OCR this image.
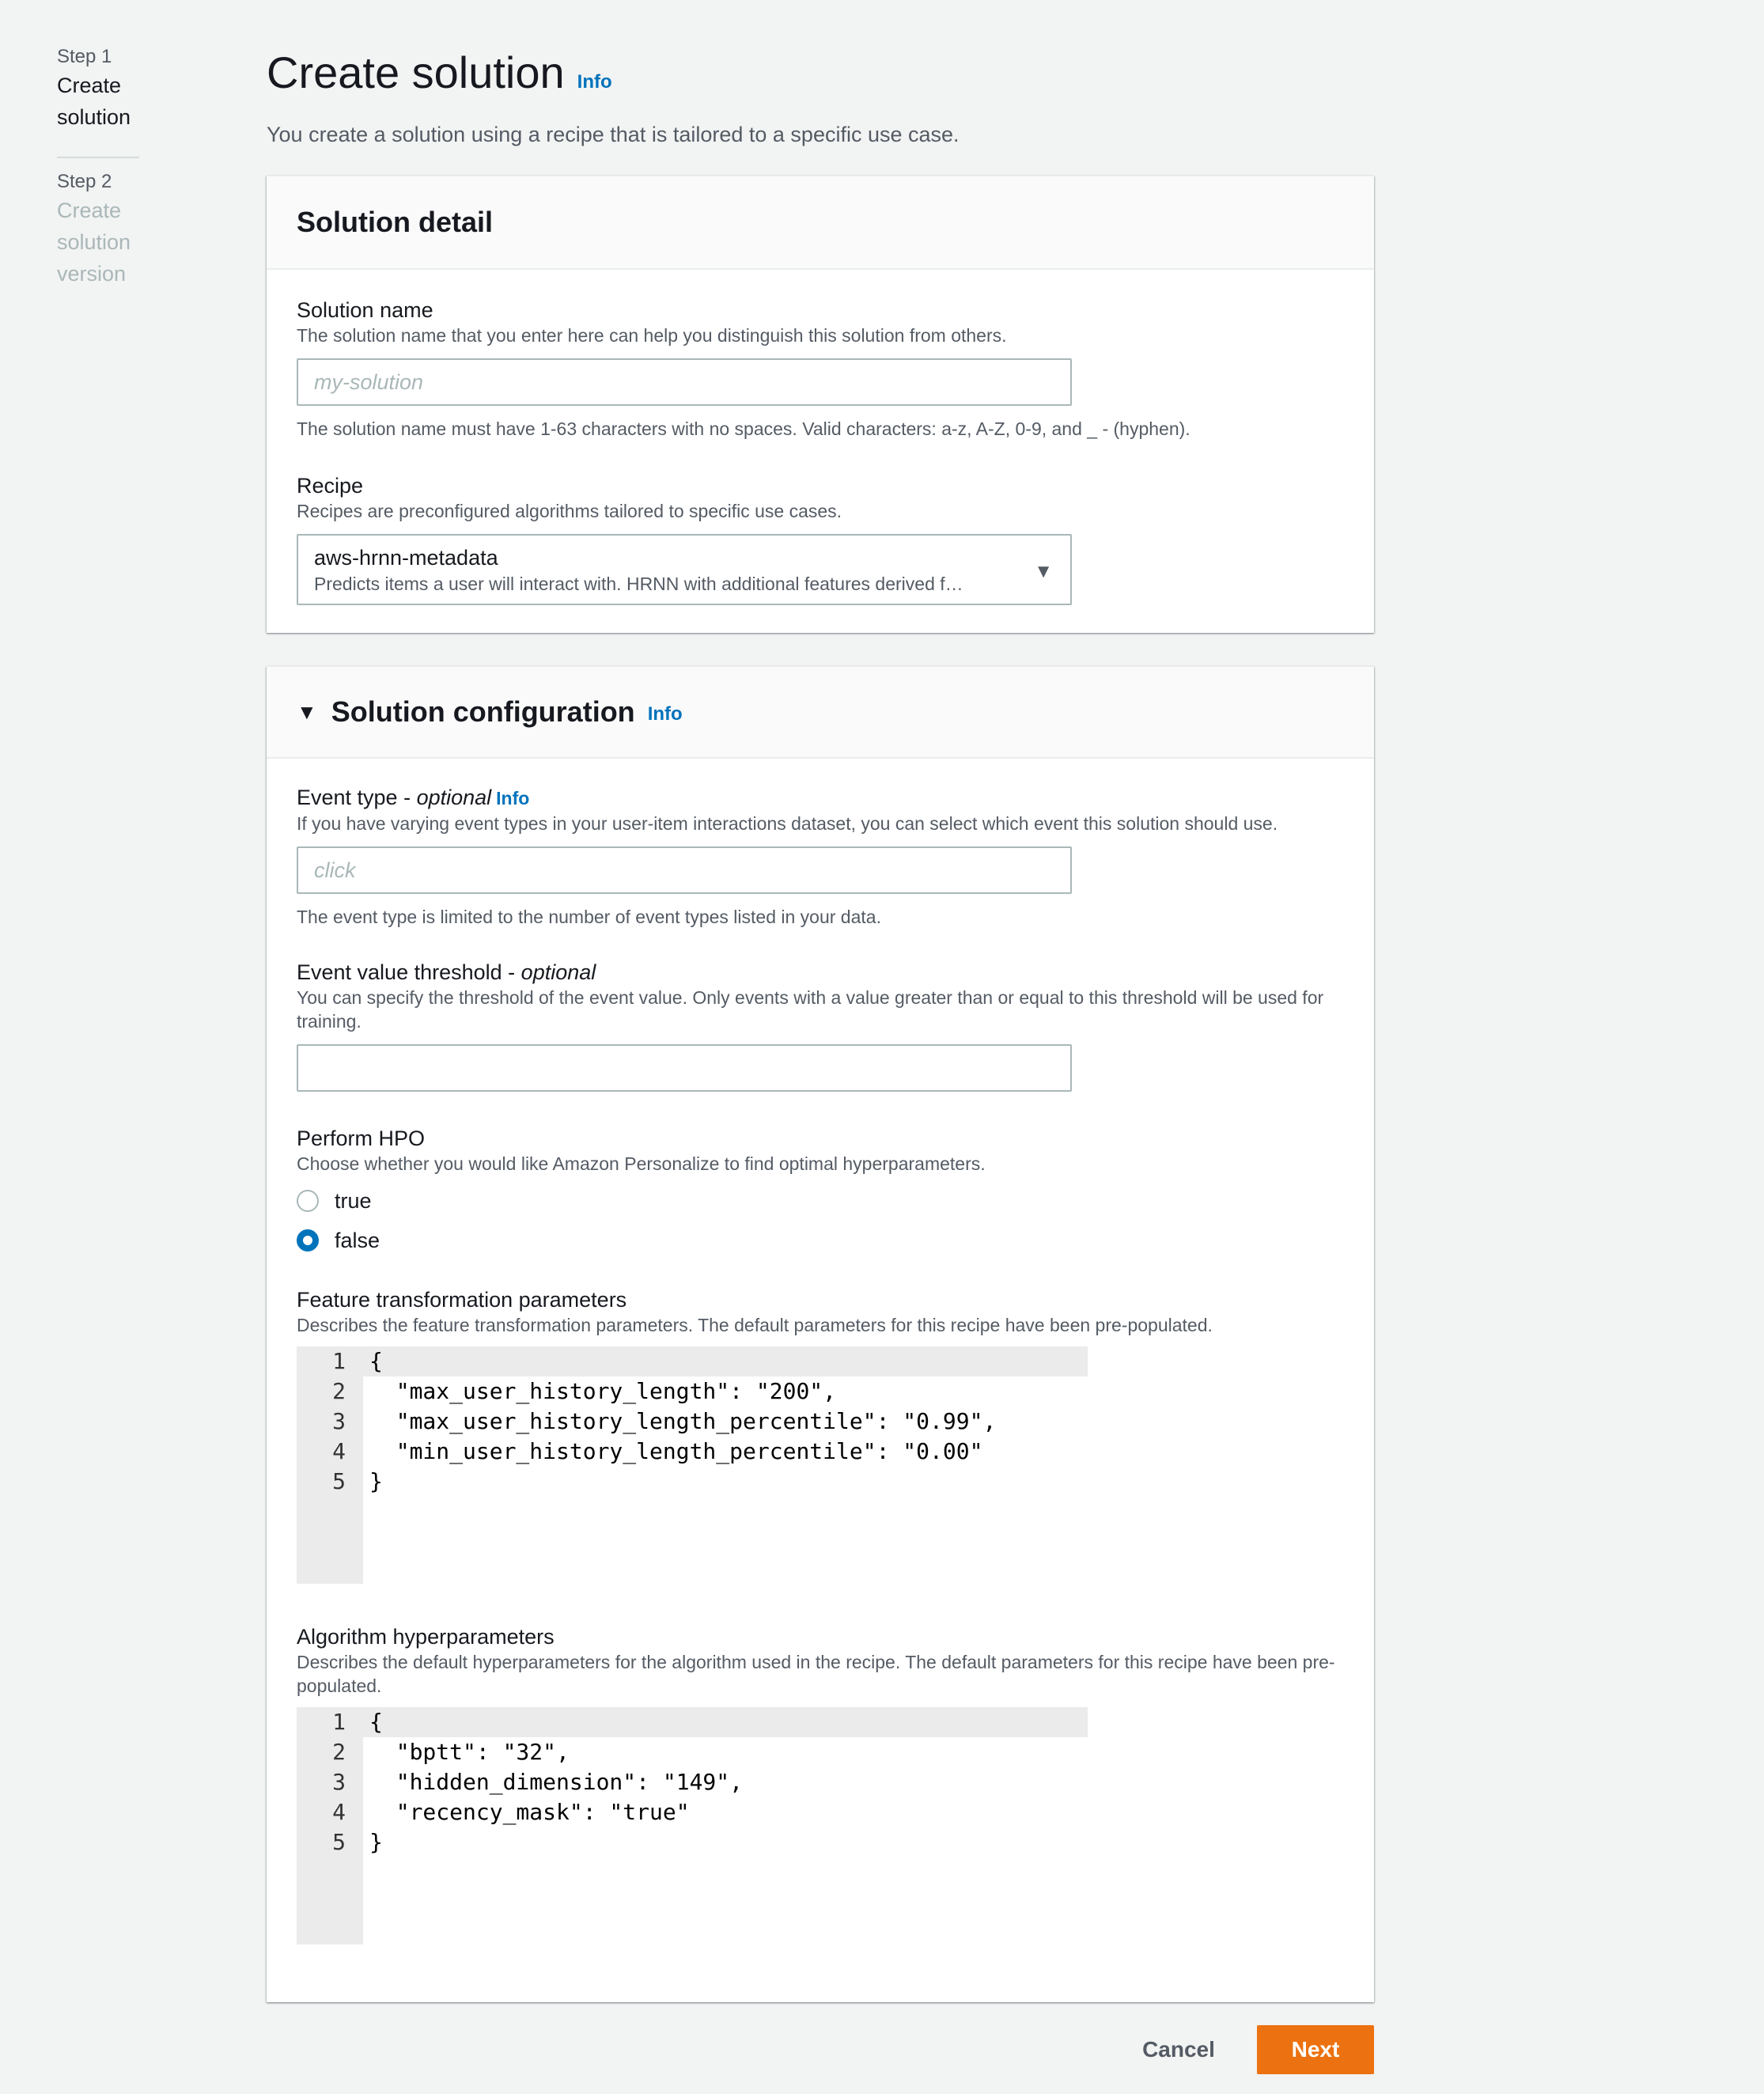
Step 1
Create
solution
Step 2
Create
solution
version
Create solution Info

You create a solution using a recipe that is tailored to a specific use case.

Solution detail
Solution name
The solution name that you enter here can help you distinguish this solution from others.
my-solution
The solution name must have 1-63 characters with no spaces. Valid characters: a-z, A-Z, 0-9, and _ - (hyphen).
Recipe
Recipes are preconfigured algorithms tailored to specific use cases.
aws-hrnn-metadata
Predicts items a user will interact with. HRNN with additional features derived f…
▼
▼ Solution configuration Info
Event type - optional Info
If you have varying event types in your user-item interactions dataset, you can select which event this solution should use.
click
The event type is limited to the number of event types listed in your data.
Event value threshold - optional
You can specify the threshold of the event value. Only events with a value greater than or equal to this threshold will be used for training.
Perform HPO
Choose whether you would like Amazon Personalize to find optimal hyperparameters.
true
false
Feature transformation parameters
Describes the feature transformation parameters. The default parameters for this recipe have been pre-populated.
1 {
2 "max_user_history_length": "200",
3 "max_user_history_length_percentile": "0.99",
4 "min_user_history_length_percentile": "0.00"
5 }
Algorithm hyperparameters
Describes the default hyperparameters for the algorithm used in the recipe. The default parameters for this recipe have been pre-populated.
1 {
2 "bptt": "32",
3 "hidden_dimension": "149",
4 "recency_mask": "true"
5 }
Cancel	Next
